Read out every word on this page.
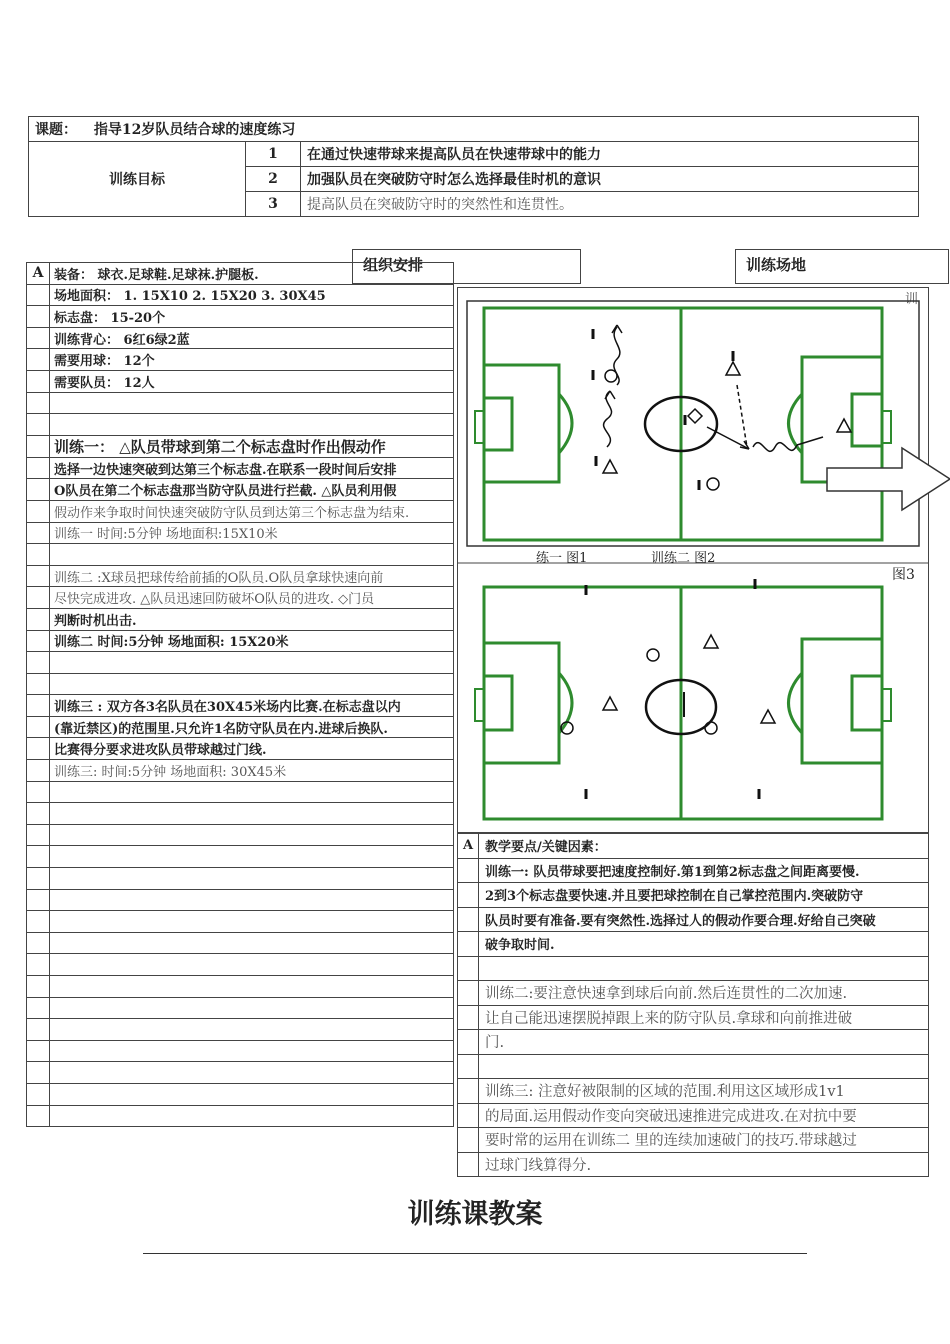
课题： 指导12岁队员结合球的速度练习		
训练目标	1	在通过快速带球来提高队员在快速带球中的能力
	2	加强队员在突破防守时怎么选择最佳时机的意识
	3	提高队员在突破防守时的突然性和连贯性。
组织安排	训练场地
A	装备： 球衣.足球鞋.足球袜.护腿板.
	场地面积： 1. 15X10 2. 15X20 3. 30X45
	标志盘： 15-20个
	训练背心： 6红6绿2蓝
	需要用球： 12个
	需要队员： 12人

	训练一： △队员带球到第二个标志盘时作出假动作
	选择一边快速突破到达第三个标志盘.在联系一段时间后安排
	O队员在第二个标志盘那当防守队员进行拦截. △队员利用假
	假动作来争取时间快速突破防守队员到达第三个标志盘为结束.
	训练一 时间:5分钟 场地面积:15X10米

	训练二 :X球员把球传给前插的O队员.O队员拿球快速向前
	尽快完成进攻. △队员迅速回防破坏O队员的进攻. ◇门员
	判断时机出击.
	训练二 时间:5分钟 场地面积: 15X20米

	训练三 : 双方各3名队员在30X45米场内比赛.在标志盘以内
	(靠近禁区)的范围里.只允许1名防守队员在内.进球后换队.
	比赛得分要求进攻队员带球越过门线.
	训练三: 时间:5分钟 场地面积: 30X45米

训
练一 图1	训练二 图2
图3
A	教学要点/关键因素：
	训练一: 队员带球要把速度控制好.第1到第2标志盘之间距离要慢.
	2到3个标志盘要快速.并且要把球控制在自己掌控范围内.突破防守
	队员时要有准备.要有突然性.选择过人的假动作要合理.好给自己突破
	破争取时间.

	训练二:要注意快速拿到球后向前.然后连贯性的二次加速.
	让自己能迅速摆脱掉跟上来的防守队员.拿球和向前推进破
	门.

	训练三: 注意好被限制的区域的范围.利用这区域形成1v1
	的局面.运用假动作变向突破迅速推进完成进攻.在对抗中要
	要时常的运用在训练二 里的连续加速破门的技巧.带球越过
	过球门线算得分.
训练课教案
